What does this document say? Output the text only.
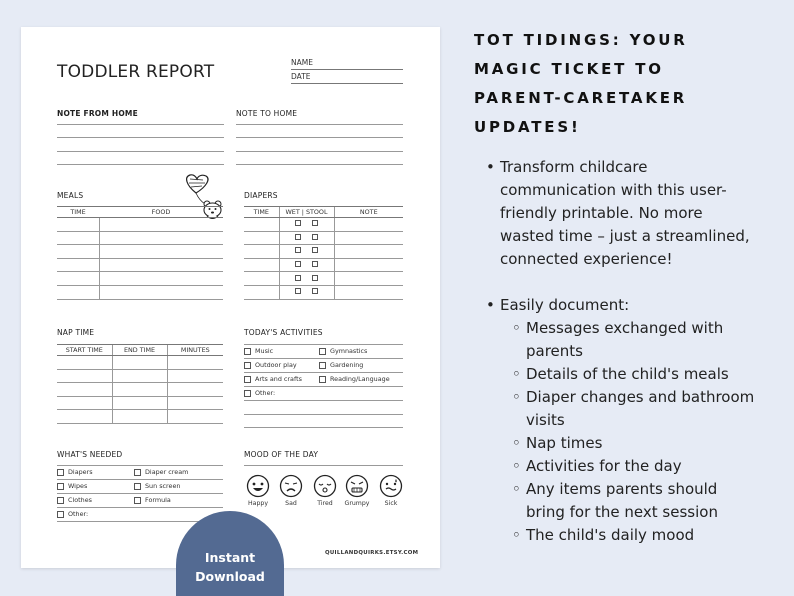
TODDLER REPORT	NAME
DATE
NOTE FROM HOME	NOTE TO HOME
MEALS
TIME	FOOD

DIAPERS
TIME	WET | STOOL	NOTE

NAP TIME
START TIME	END TIME	MINUTES

TODAY'S ACTIVITIES
Music	Gymnastics
Outdoor play	Gardening
Arts and crafts	Reading/Language
Other:
WHAT'S NEEDED
Diapers	Diaper cream
Wipes	Sun screen
Clothes	Formula
Other:
MOOD OF THE DAY
Happy	Sad	Tired	Grumpy	Sick
QUILLANDQUIRKS.ETSY.COM
Instant
Download
TOT TIDINGS: YOUR
MAGIC TICKET TO
PARENT-CARETAKER
UPDATES!
• Transform childcare
communication with this user-
friendly printable. No more
wasted time – just a streamlined,
connected experience!
• Easily document:
◦ Messages exchanged with
parents
◦ Details of the child's meals
◦ Diaper changes and bathroom
visits
◦ Nap times
◦ Activities for the day
◦ Any items parents should
bring for the next session
◦ The child's daily mood
